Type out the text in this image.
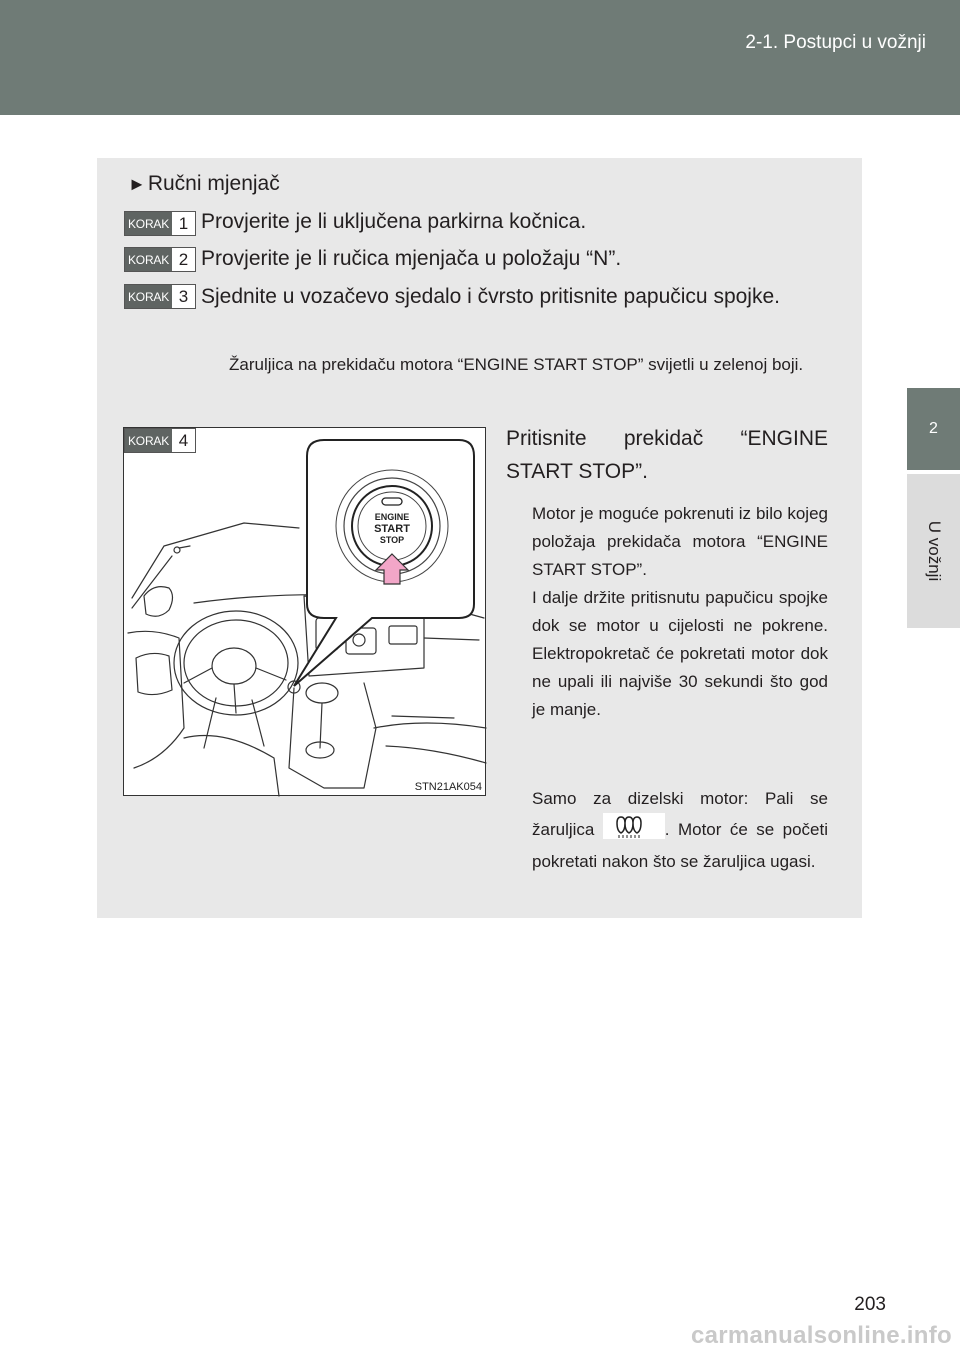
2-1. Postupci u vožnji
2
U vožnji
►Ručni mjenjač
KORAK 1 Provjerite je li uključena parkirna kočnica.
KORAK 2 Provjerite je li ručica mjenjača u položaju “N”.
KORAK 3 Sjednite u vozačevo sjedalo i čvrsto pritisnite papučicu spojke.
Žaruljica na prekidaču motora “ENGINE START STOP” svijetli u zelenoj boji.
KORAK 4
ENGINE
START
STOP
STN21AK054
Pritisnite prekidač “ENGINE START STOP”.
Motor je moguće pokrenuti iz bilo kojeg položaja prekidača motora “ENGINE START STOP”.
I dalje držite pritisnutu papučicu spojke dok se motor u cijelosti ne pokrene. Elektropokretač će pokretati motor dok ne upali ili najviše 30 sekundi što god je manje.
Samo za dizelski motor: Pali se žaruljica	. Motor će se početi pokretati nakon što se žaruljica ugasi.
203
carmanualsonline.info
